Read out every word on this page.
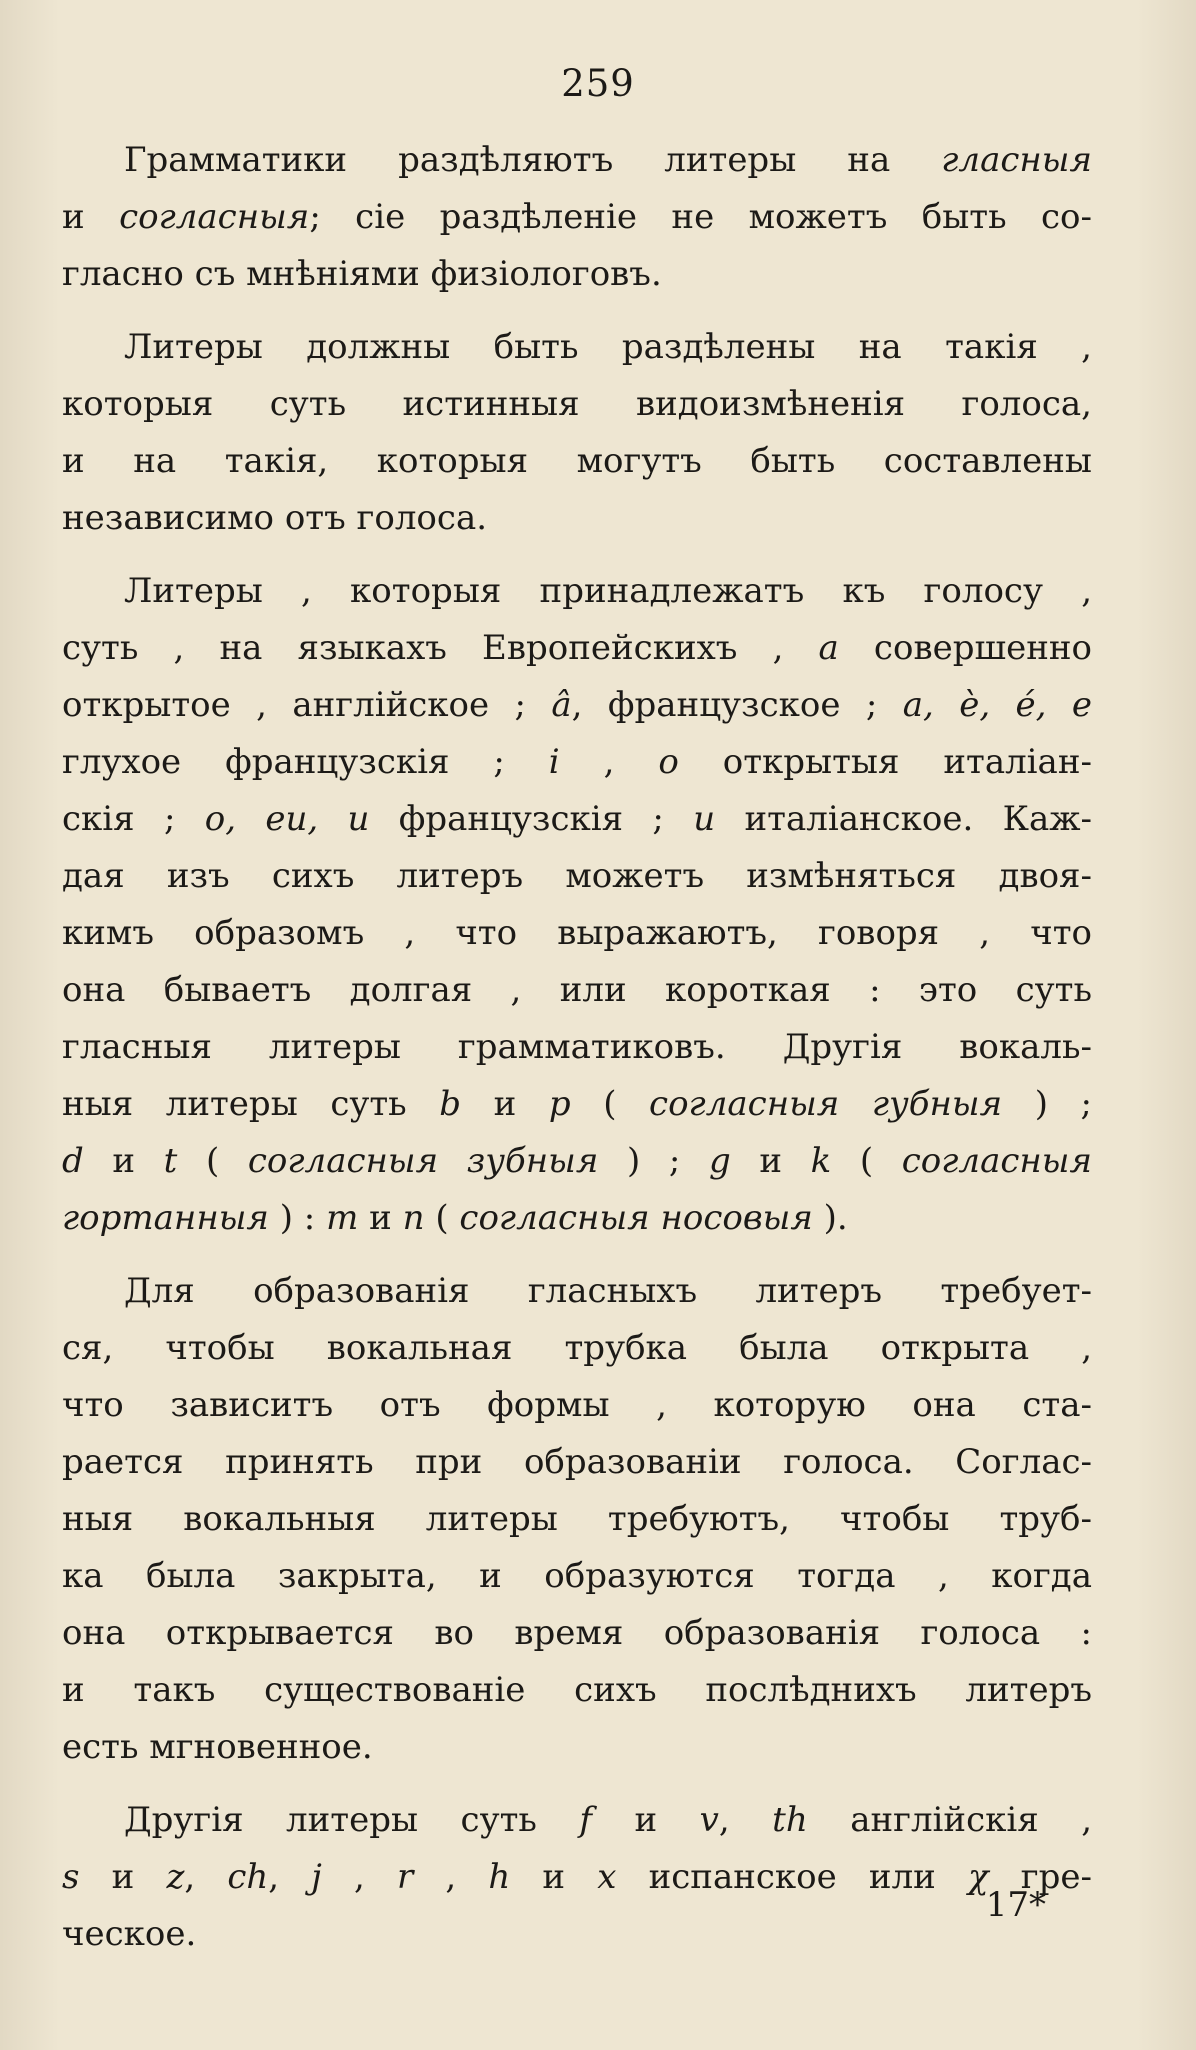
259
Грамматики раздѣляютъ литеры на гласныя
и согласныя; сіе раздѣленіе не можетъ быть со-
гласно съ мнѣніями физіологовъ.
Литеры должны быть раздѣлены на такія ,
которыя суть истинныя видоизмѣненія голоса,
и на такія, которыя могутъ быть составлены
независимо отъ голоса.
Литеры , которыя принадлежатъ къ голосу ,
суть , на языкахъ Европейскихъ , а совершенно
открытое , англійское ; â, французское ; a, è, é, e
глухое французскія ; i , o открытыя италіан-
скія ; o, eu, u французскія ; u италіанское. Каж-
дая изъ сихъ литеръ можетъ измѣняться двоя-
кимъ образомъ , что выражаютъ, говоря , что
она бываетъ долгая , или короткая : это суть
гласныя литеры грамматиковъ. Другія вокаль-
ныя литеры суть b и p ( согласныя губныя ) ;
d и t ( согласныя зубныя ) ; g и k ( согласныя
гортанныя ) : m и n ( согласныя носовыя ).
Для образованія гласныхъ литеръ требует-
ся, чтобы вокальная трубка была открыта ,
что зависитъ отъ формы , которую она ста-
рается принять при образованіи голоса. Соглас-
ныя вокальныя литеры требуютъ, чтобы труб-
ка была закрыта, и образуются тогда , когда
она открывается во время образованія голоса :
и такъ существованіе сихъ послѣднихъ литеръ
есть мгновенное.
Другія литеры суть f и v, th англійскія ,
s и z, ch, j , r , h и x испанское или χ гре-
ческое.
17*
